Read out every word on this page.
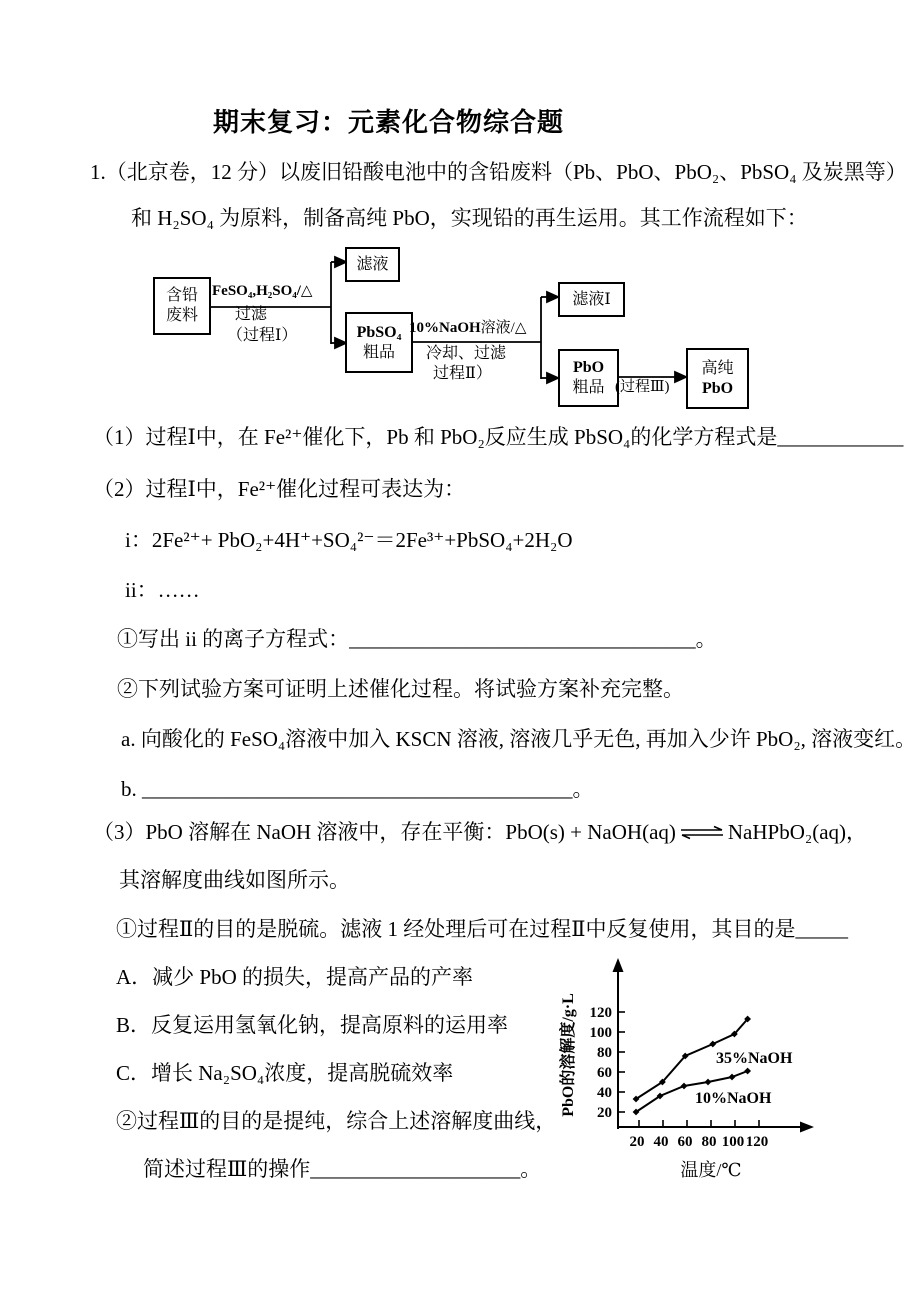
期末复习：元素化合物综合题
1.（北京卷，12 分）以废旧铅酸电池中的含铅废料（Pb、PbO、PbO₂、PbSO₄ 及炭黑等）
和 H₂SO₄ 为原料，制备高纯 PbO，实现铅的再生运用。其工作流程如下：
含铅
废料
滤液
PbSO₄
粗品
滤液Ⅰ
PbO
粗品
高纯
PbO
FeSO₄,H₂SO₄/△
过滤
（过程Ⅰ）	10%NaOH溶液/△
冷却、过滤
过程Ⅱ）
(过程Ⅲ)
（1）过程Ⅰ中，在 Fe²⁺催化下，Pb 和 PbO₂反应生成 PbSO₄的化学方程式是____________
（2）过程Ⅰ中，Fe²⁺催化过程可表达为：
i：2Fe²⁺+ PbO₂+4H⁺+SO₄²⁻＝2Fe³⁺+PbSO₄+2H₂O
ii：……
①写出 ii 的离子方程式：_________________________________。
②下列试验方案可证明上述催化过程。将试验方案补充完整。
a. 向酸化的 FeSO₄溶液中加入 KSCN 溶液, 溶液几乎无色, 再加入少许 PbO₂, 溶液变红。
b. _________________________________________。
（3）PbO 溶解在 NaOH 溶液中，存在平衡：PbO(s) + NaOH(aq) ⇌ NaHPbO₂(aq)，
其溶解度曲线如图所示。
①过程Ⅱ的目的是脱硫。滤液 1 经处理后可在过程Ⅱ中反复使用，其目的是_____
A．减少 PbO 的损失，提高产品的产率
B．反复运用氢氧化钠，提高原料的运用率
C．增长 Na₂SO₄浓度，提高脱硫效率
②过程Ⅲ的目的是提纯，综合上述溶解度曲线，
简述过程Ⅲ的操作____________________。
20
40
60
80
100
120
20 40 60 80 100 120
35%NaOH
10%NaOH
PbO的溶解度/g·L
温度/℃
